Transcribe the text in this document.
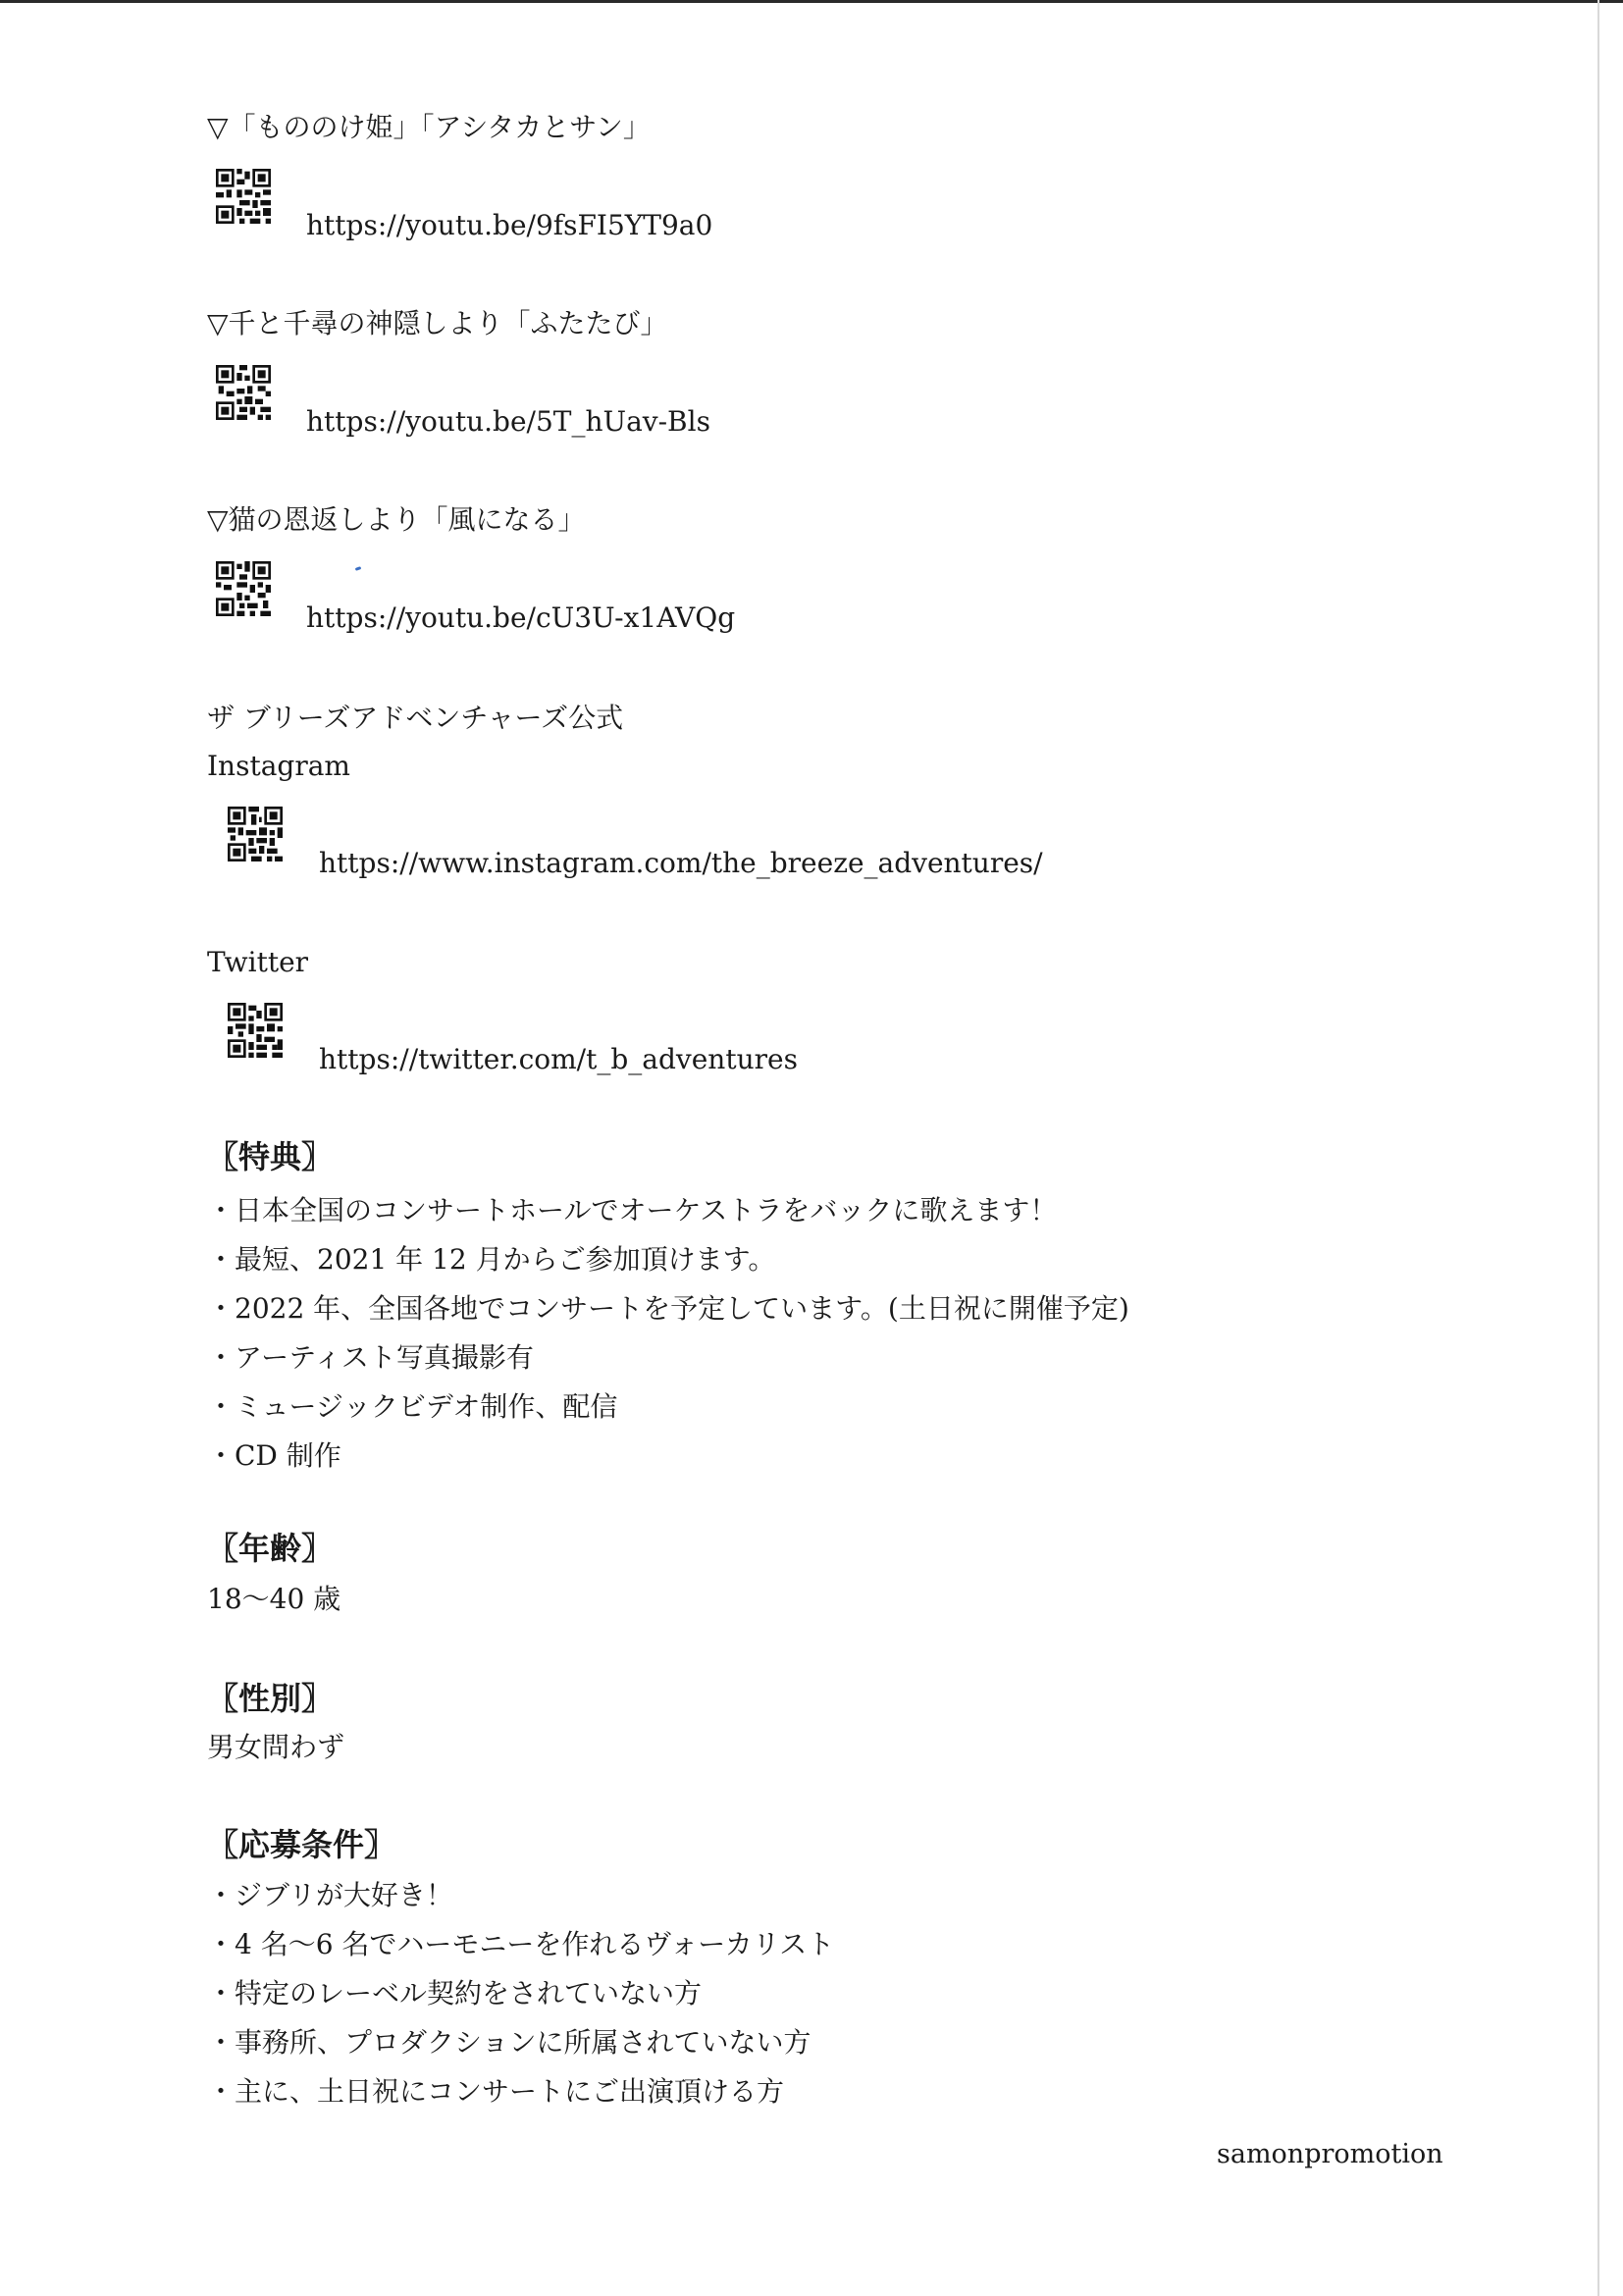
▽「もののけ姫」「アシタカとサン」
https://youtu.be/9fsFI5YT9a0
▽千と千尋の神隠しより「ふたたび」
https://youtu.be/5T_hUav-Bls
▽猫の恩返しより「風になる」
https://youtu.be/cU3U-x1AVQg
ザ ブリーズアドベンチャーズ公式
Instagram
https://www.instagram.com/the_breeze_adventures/
Twitter
https://twitter.com/t_b_adventures
〖特典〗
・日本全国のコンサートホールでオーケストラをバックに歌えます！
・最短、2021 年 12 月からご参加頂けます。
・2022 年、全国各地でコンサートを予定しています。(土日祝に開催予定)
・アーティスト写真撮影有
・ミュージックビデオ制作、配信
・CD 制作
〖年齢〗
18〜40 歳
〖性別〗
男女問わず
〖応募条件〗
・ジブリが大好き！
・4 名〜6 名でハーモニーを作れるヴォーカリスト
・特定のレーベル契約をされていない方
・事務所、プロダクションに所属されていない方
・主に、土日祝にコンサートにご出演頂ける方
samonpromotion
